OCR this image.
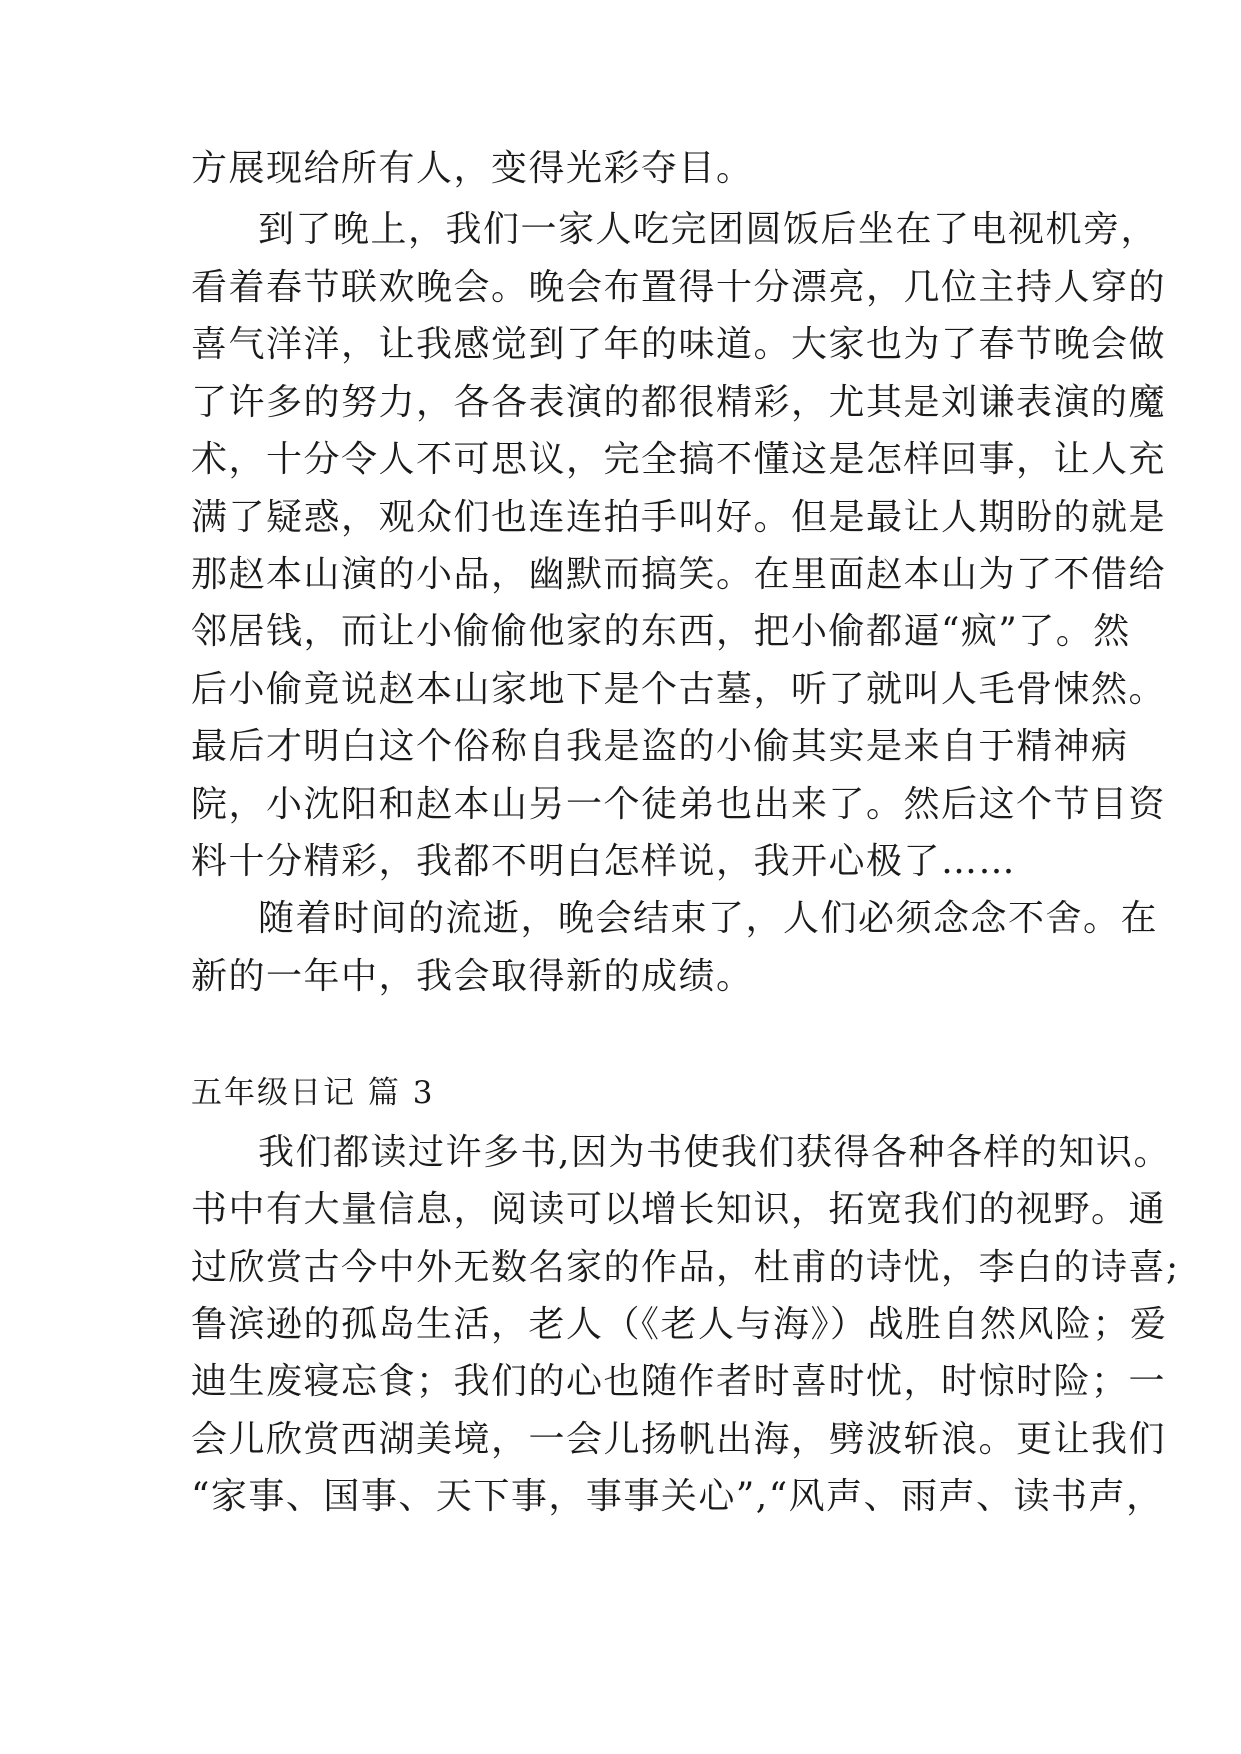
方展现给所有人，变得光彩夺目。
到了晚上，我们一家人吃完团圆饭后坐在了电视机旁，
看着春节联欢晚会。晚会布置得十分漂亮，几位主持人穿的
喜气洋洋，让我感觉到了年的味道。大家也为了春节晚会做
了许多的努力，各各表演的都很精彩，尤其是刘谦表演的魔
术，十分令人不可思议，完全搞不懂这是怎样回事，让人充
满了疑惑，观众们也连连拍手叫好。但是最让人期盼的就是
那赵本山演的小品，幽默而搞笑。在里面赵本山为了不借给
邻居钱，而让小偷偷他家的东西，把小偷都逼“疯”了。然
后小偷竟说赵本山家地下是个古墓，听了就叫人毛骨悚然。
最后才明白这个俗称自我是盗的小偷其实是来自于精神病
院，小沈阳和赵本山另一个徒弟也出来了。然后这个节目资
料十分精彩，我都不明白怎样说，我开心极了……
随着时间的流逝，晚会结束了，人们必须念念不舍。在
新的一年中，我会取得新的成绩。
五年级日记 篇 3
我们都读过许多书,因为书使我们获得各种各样的知识。
书中有大量信息，阅读可以增长知识，拓宽我们的视野。通
过欣赏古今中外无数名家的作品，杜甫的诗忧，李白的诗喜;
鲁滨逊的孤岛生活，老人（《老人与海》）战胜自然风险；爱
迪生废寝忘食；我们的心也随作者时喜时忧，时惊时险；一
会儿欣赏西湖美境，一会儿扬帆出海，劈波斩浪。更让我们
“家事、国事、天下事，事事关心”,“风声、雨声、读书声，
